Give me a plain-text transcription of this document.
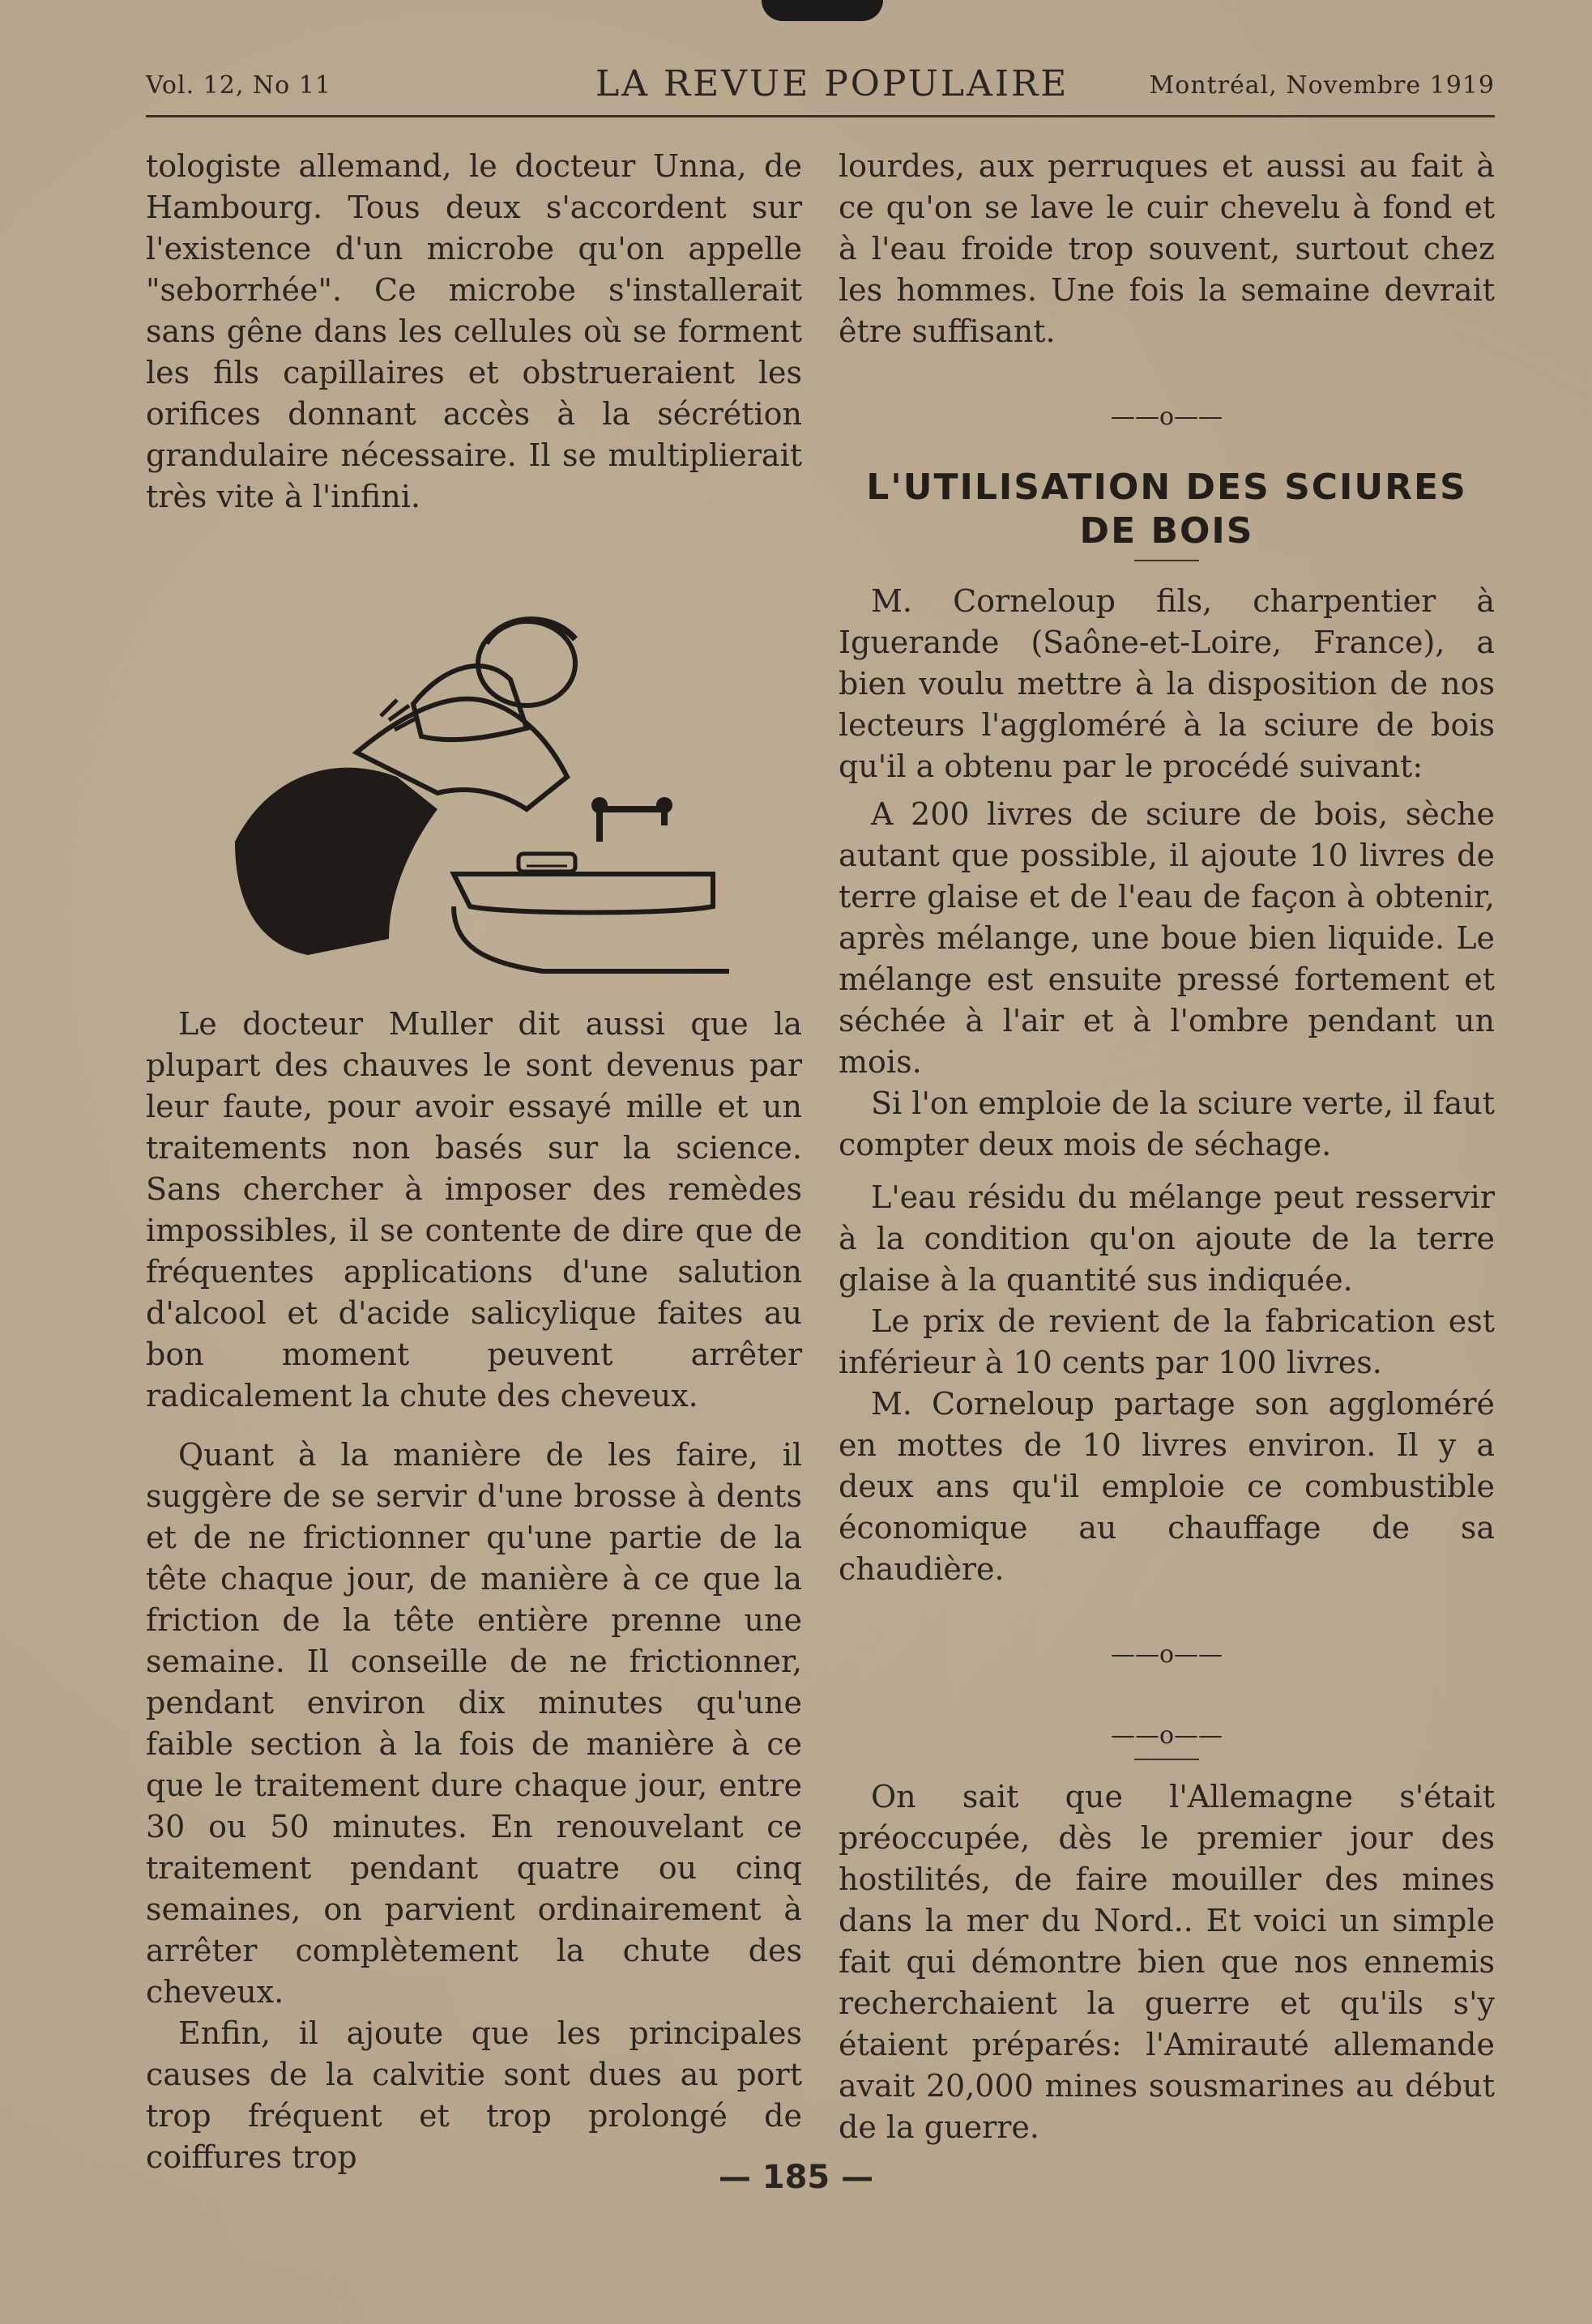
Vol. 12, No 11	LA REVUE POPULAIRE	Montréal, Novembre 1919

tologiste allemand, le docteur Unna, de Hambourg. Tous deux s'accordent sur l'existence d'un microbe qu'on appelle "seborrhée". Ce microbe s'installerait sans gêne dans les cellules où se forment les fils capillaires et obstrueraient les orifices donnant accès à la sécrétion grandulaire nécessaire. Il se multiplierait très vite à l'infini.

Le docteur Muller dit aussi que la plupart des chauves le sont devenus par leur faute, pour avoir essayé mille et un traitements non basés sur la science. Sans chercher à imposer des remèdes impossibles, il se contente de dire que de fréquentes applications d'une salution d'alcool et d'acide salicylique faites au bon moment peuvent arrêter radicalement la chute des cheveux.

Quant à la manière de les faire, il suggère de se servir d'une brosse à dents et de ne frictionner qu'une partie de la tête chaque jour, de manière à ce que la friction de la tête entière prenne une semaine. Il conseille de ne frictionner, pendant environ dix minutes qu'une faible section à la fois de manière à ce que le traitement dure chaque jour, entre 30 ou 50 minutes. En renouvelant ce traitement pendant quatre ou cinq semaines, on parvient ordinairement à arrêter complètement la chute des cheveux.

Enfin, il ajoute que les principales causes de la calvitie sont dues au port trop fréquent et trop prolongé de coiffures trop

lourdes, aux perruques et aussi au fait à ce qu'on se lave le cuir chevelu à fond et à l'eau froide trop souvent, surtout chez les hommes. Une fois la semaine devrait être suffisant.

——o——
L'UTILISATION DES SCIURES DE BOIS

M. Corneloup fils, charpentier à Iguerande (Saône-et-Loire, France), a bien voulu mettre à la disposition de nos lecteurs l'aggloméré à la sciure de bois qu'il a obtenu par le procédé suivant:

A 200 livres de sciure de bois, sèche autant que possible, il ajoute 10 livres de terre glaise et de l'eau de façon à obtenir, après mélange, une boue bien liquide. Le mélange est ensuite pressé fortement et séchée à l'air et à l'ombre pendant un mois.

Si l'on emploie de la sciure verte, il faut compter deux mois de séchage.

L'eau résidu du mélange peut resservir à la condition qu'on ajoute de la terre glaise à la quantité sus indiquée.

Le prix de revient de la fabrication est inférieur à 10 cents par 100 livres.

M. Corneloup partage son aggloméré en mottes de 10 livres environ. Il y a deux ans qu'il emploie ce combustible économique au chauffage de sa chaudière.

——o——
——o——

On sait que l'Allemagne s'était préoccupée, dès le premier jour des hostilités, de faire mouiller des mines dans la mer du Nord.. Et voici un simple fait qui démontre bien que nos ennemis recherchaient la guerre et qu'ils s'y étaient préparés: l'Amirauté allemande avait 20,000 mines sousmarines au début de la guerre.

— 185 —
